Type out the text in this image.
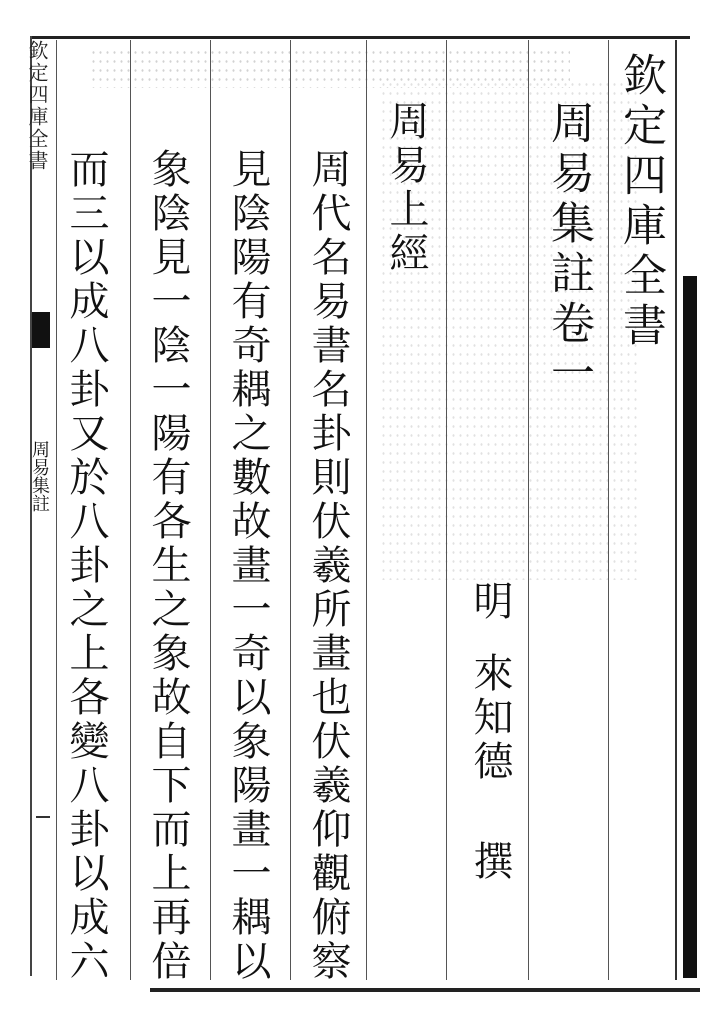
欽定四庫全書
周易集註
欽定四庫全書
周易集註卷一
周易上經
明
來知德
撰
周代名易書名卦則伏羲所畫也伏羲仰觀俯察
見陰陽有奇耦之數故畫一奇以象陽畫一耦以
象陰見一陰一陽有各生之象故自下而上再倍
而三以成八卦又於八卦之上各變八卦以成六
